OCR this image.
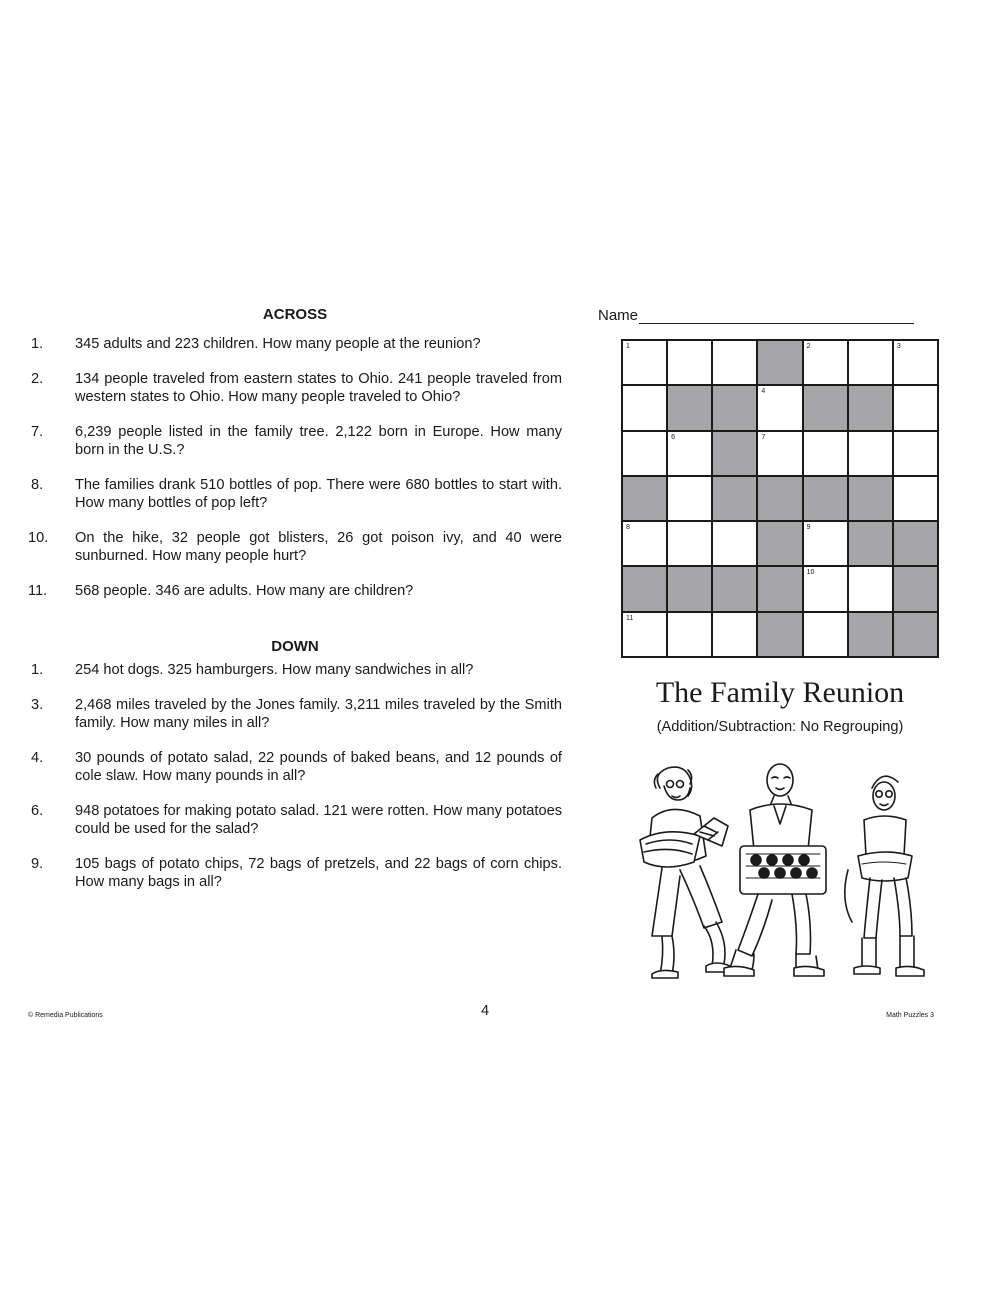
ACROSS
1.	345 adults and 223 children. How many people at the reunion?
2.	134 people traveled from eastern states to Ohio. 241 people traveled from western states to Ohio. How many people traveled to Ohio?
7.	6,239 people listed in the family tree. 2,122 born in Europe. How many born in the U.S.?
8.	The families drank 510 bottles of pop. There were 680 bottles to start with. How many bottles of pop left?
10.	On the hike, 32 people got blisters, 26 got poison ivy, and 40 were sunburned. How many people hurt?
11.	568 people. 346 are adults. How many are children?
DOWN
1.	254 hot dogs. 325 hamburgers. How many sandwiches in all?
3.	2,468 miles traveled by the Jones family. 3,211 miles traveled by the Smith family. How many miles in all?
4.	30 pounds of potato salad, 22 pounds of baked beans, and 12 pounds of cole slaw. How many pounds in all?
6.	948 potatoes for making potato salad. 121 were rotten. How many potatoes could be used for the salad?
9.	105 bags of potato chips, 72 bags of pretzels, and 22 bags of corn chips. How many bags in all?
Name
1	2	3
4
6	7
8	9
10
11
The Family Reunion
(Addition/Subtraction: No Regrouping)
© Remedia Publications	4	Math Puzzles 3
